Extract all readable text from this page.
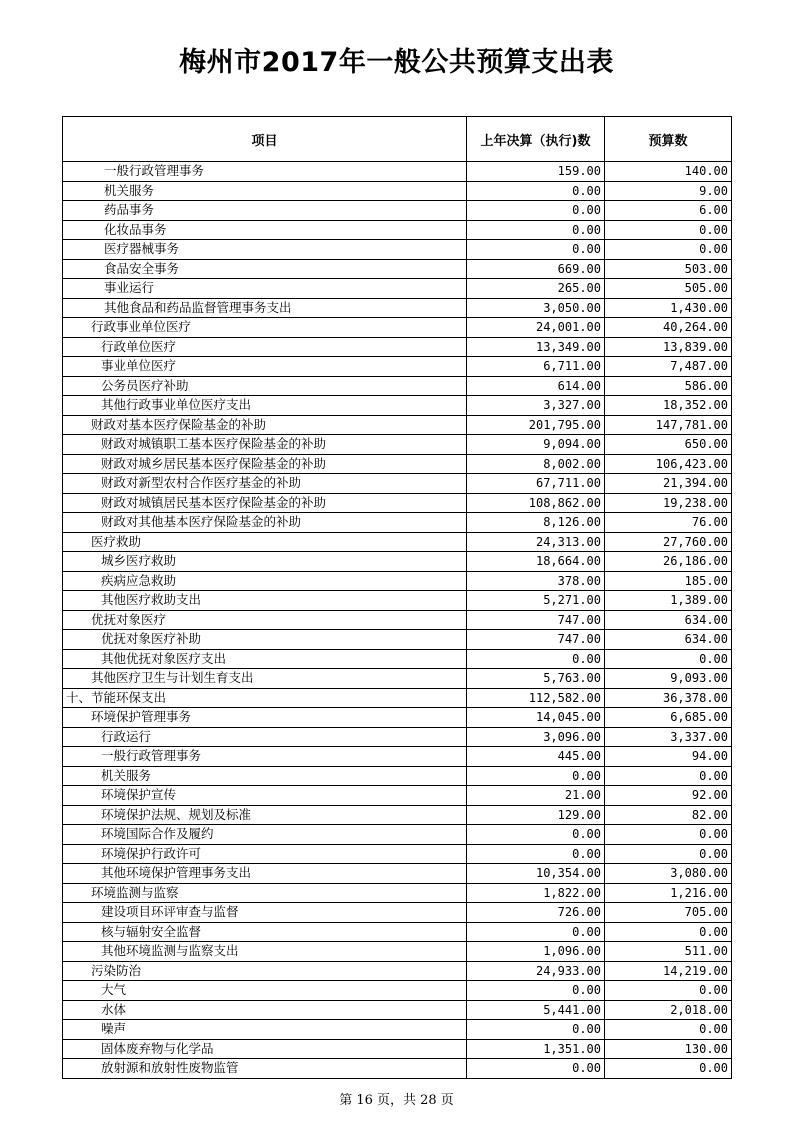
梅州市2017年一般公共预算支出表
项目	上年决算（执行)数	预算数
一般行政管理事务	159.00	140.00
机关服务	0.00	9.00
药品事务	0.00	6.00
化妆品事务	0.00	0.00
医疗器械事务	0.00	0.00
食品安全事务	669.00	503.00
事业运行	265.00	505.00
其他食品和药品监督管理事务支出	3,050.00	1,430.00
行政事业单位医疗	24,001.00	40,264.00
行政单位医疗	13,349.00	13,839.00
事业单位医疗	6,711.00	7,487.00
公务员医疗补助	614.00	586.00
其他行政事业单位医疗支出	3,327.00	18,352.00
财政对基本医疗保险基金的补助	201,795.00	147,781.00
财政对城镇职工基本医疗保险基金的补助	9,094.00	650.00
财政对城乡居民基本医疗保险基金的补助	8,002.00	106,423.00
财政对新型农村合作医疗基金的补助	67,711.00	21,394.00
财政对城镇居民基本医疗保险基金的补助	108,862.00	19,238.00
财政对其他基本医疗保险基金的补助	8,126.00	76.00
医疗救助	24,313.00	27,760.00
城乡医疗救助	18,664.00	26,186.00
疾病应急救助	378.00	185.00
其他医疗救助支出	5,271.00	1,389.00
优抚对象医疗	747.00	634.00
优抚对象医疗补助	747.00	634.00
其他优抚对象医疗支出	0.00	0.00
其他医疗卫生与计划生育支出	5,763.00	9,093.00
十、节能环保支出	112,582.00	36,378.00
环境保护管理事务	14,045.00	6,685.00
行政运行	3,096.00	3,337.00
一般行政管理事务	445.00	94.00
机关服务	0.00	0.00
环境保护宣传	21.00	92.00
环境保护法规、规划及标准	129.00	82.00
环境国际合作及履约	0.00	0.00
环境保护行政许可	0.00	0.00
其他环境保护管理事务支出	10,354.00	3,080.00
环境监测与监察	1,822.00	1,216.00
建设项目环评审查与监督	726.00	705.00
核与辐射安全监督	0.00	0.00
其他环境监测与监察支出	1,096.00	511.00
污染防治	24,933.00	14,219.00
大气	0.00	0.00
水体	5,441.00	2,018.00
噪声	0.00	0.00
固体废弃物与化学品	1,351.00	130.00
放射源和放射性废物监管	0.00	0.00
第 16 页，共 28 页
